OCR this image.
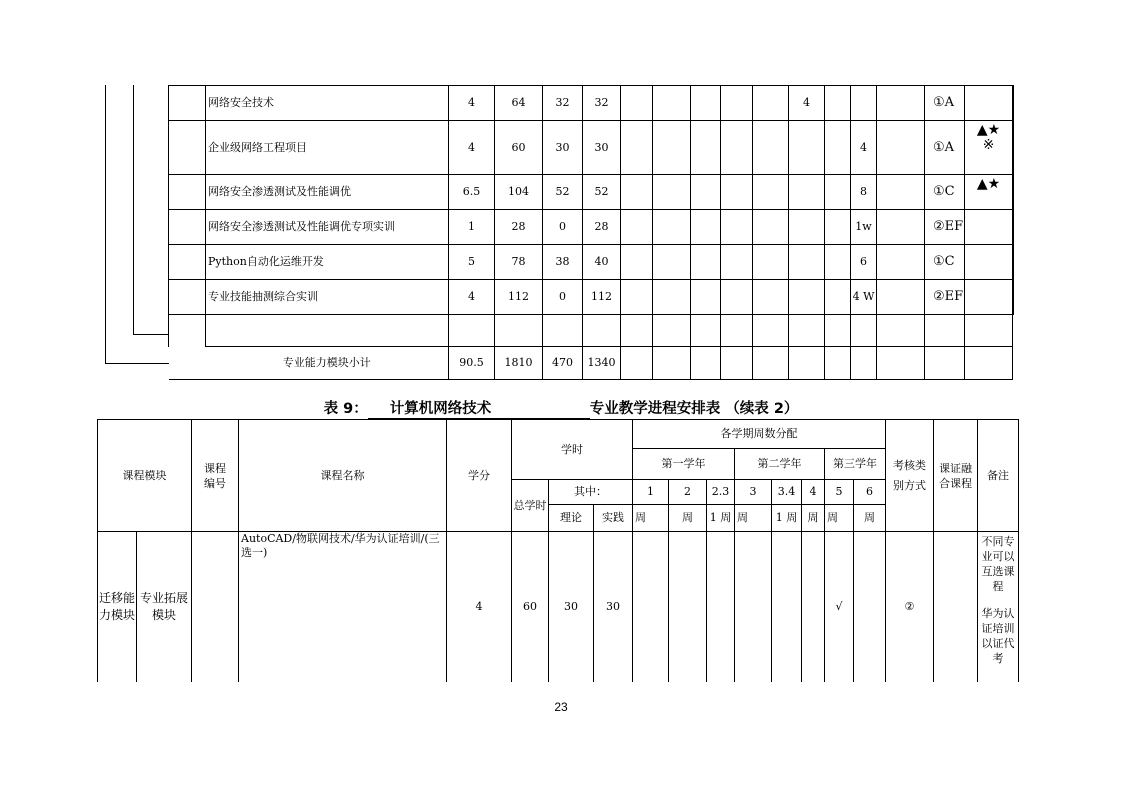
	网络安全技术	4	64	32	32						4				①A		
	企业级网络工程项目	4	60	30	30								4		①A	▲★
※	
	网络安全渗透测试及性能调优	6.5	104	52	52								8		①C	▲★	
	网络安全渗透测试及性能调优专项实训	1	28	0	28								1w		②EF		
	Python自动化运维开发	5	78	38	40								6		①C		
	专业技能抽测综合实训	4	112	0	112								4 W		②EF		

	专业能力模块小计	90.5	1810	470	1340												
表 9： 计算机网络技术	专业教学进程安排表 （续表 2）
课程模块		课程编号	课程名称	学分	学时			各学期周数分配								考核类别方式	课证融合课程	备注
								第一学年			第二学年			第三学年				
					总学时	其中：		1	2	2.3	3	3.4	4	5	6			
						理论	实践	周	周	1 周	周	1 周	周	周	周			

迁移能力模块	专业拓展模块		AutoCAD/物联网技术/华为认证培训/(三选一)	4	60	30	30							√		②		不同专业可以互选课程
华为认证培训以证代考
23
